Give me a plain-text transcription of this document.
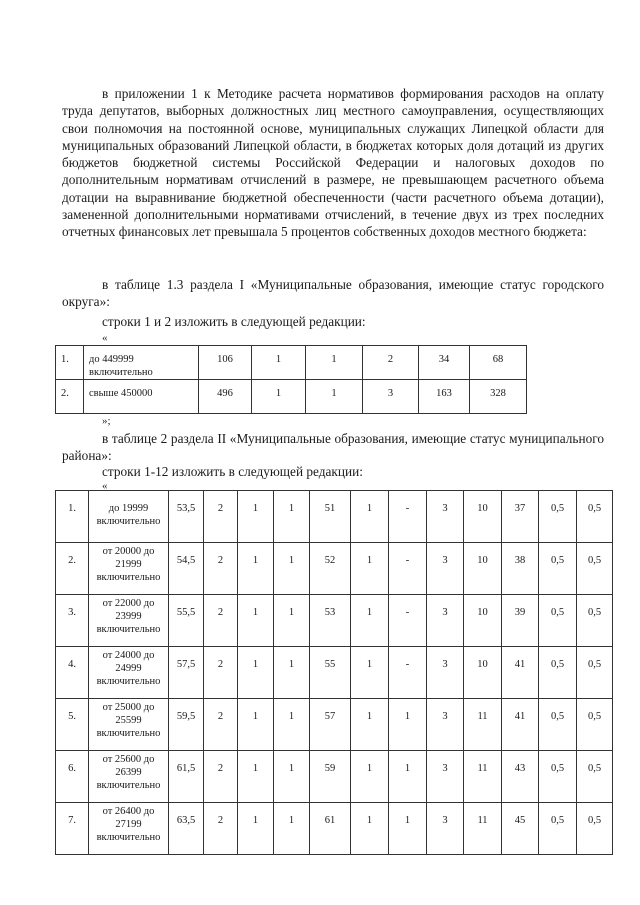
в приложении 1 к Методике расчета нормативов формирования расходов на оплату труда депутатов, выборных должностных лиц местного самоуправления, осуществляющих свои полномочия на постоянной основе, муниципальных служащих Липецкой области для муниципальных образований Липецкой области, в бюджетах которых доля дотаций из других бюджетов бюджетной системы Российской Федерации и налоговых доходов по дополнительным нормативам отчислений в размере, не превышающем расчетного объема дотации на выравнивание бюджетной обеспеченности (части расчетного объема дотации), замененной дополнительными нормативами отчислений, в течение двух из трех последних отчетных финансовых лет превышала 5 процентов собственных доходов местного бюджета:

в таблице 1.3 раздела I «Муниципальные образования, имеющие статус городского округа»:

строки 1 и 2 изложить в следующей редакции:

«

1.	до 449999 включительно	106	1	1	2	34	68
2.	свыше 450000	496	1	1	3	163	328

»;

в таблице 2 раздела II «Муниципальные образования, имеющие статус муниципального района»:

строки 1-12 изложить в следующей редакции:

«

1.	до 19999 включительно	53,5	2	1	1	51	1	-	3	10	37	0,5	0,5
2.	от 20000 до 21999 включительно	54,5	2	1	1	52	1	-	3	10	38	0,5	0,5
3.	от 22000 до 23999 включительно	55,5	2	1	1	53	1	-	3	10	39	0,5	0,5
4.	от 24000 до 24999 включительно	57,5	2	1	1	55	1	-	3	10	41	0,5	0,5
5.	от 25000 до 25599 включительно	59,5	2	1	1	57	1	1	3	11	41	0,5	0,5
6.	от 25600 до 26399 включительно	61,5	2	1	1	59	1	1	3	11	43	0,5	0,5
7.	от 26400 до 27199 включительно	63,5	2	1	1	61	1	1	3	11	45	0,5	0,5
